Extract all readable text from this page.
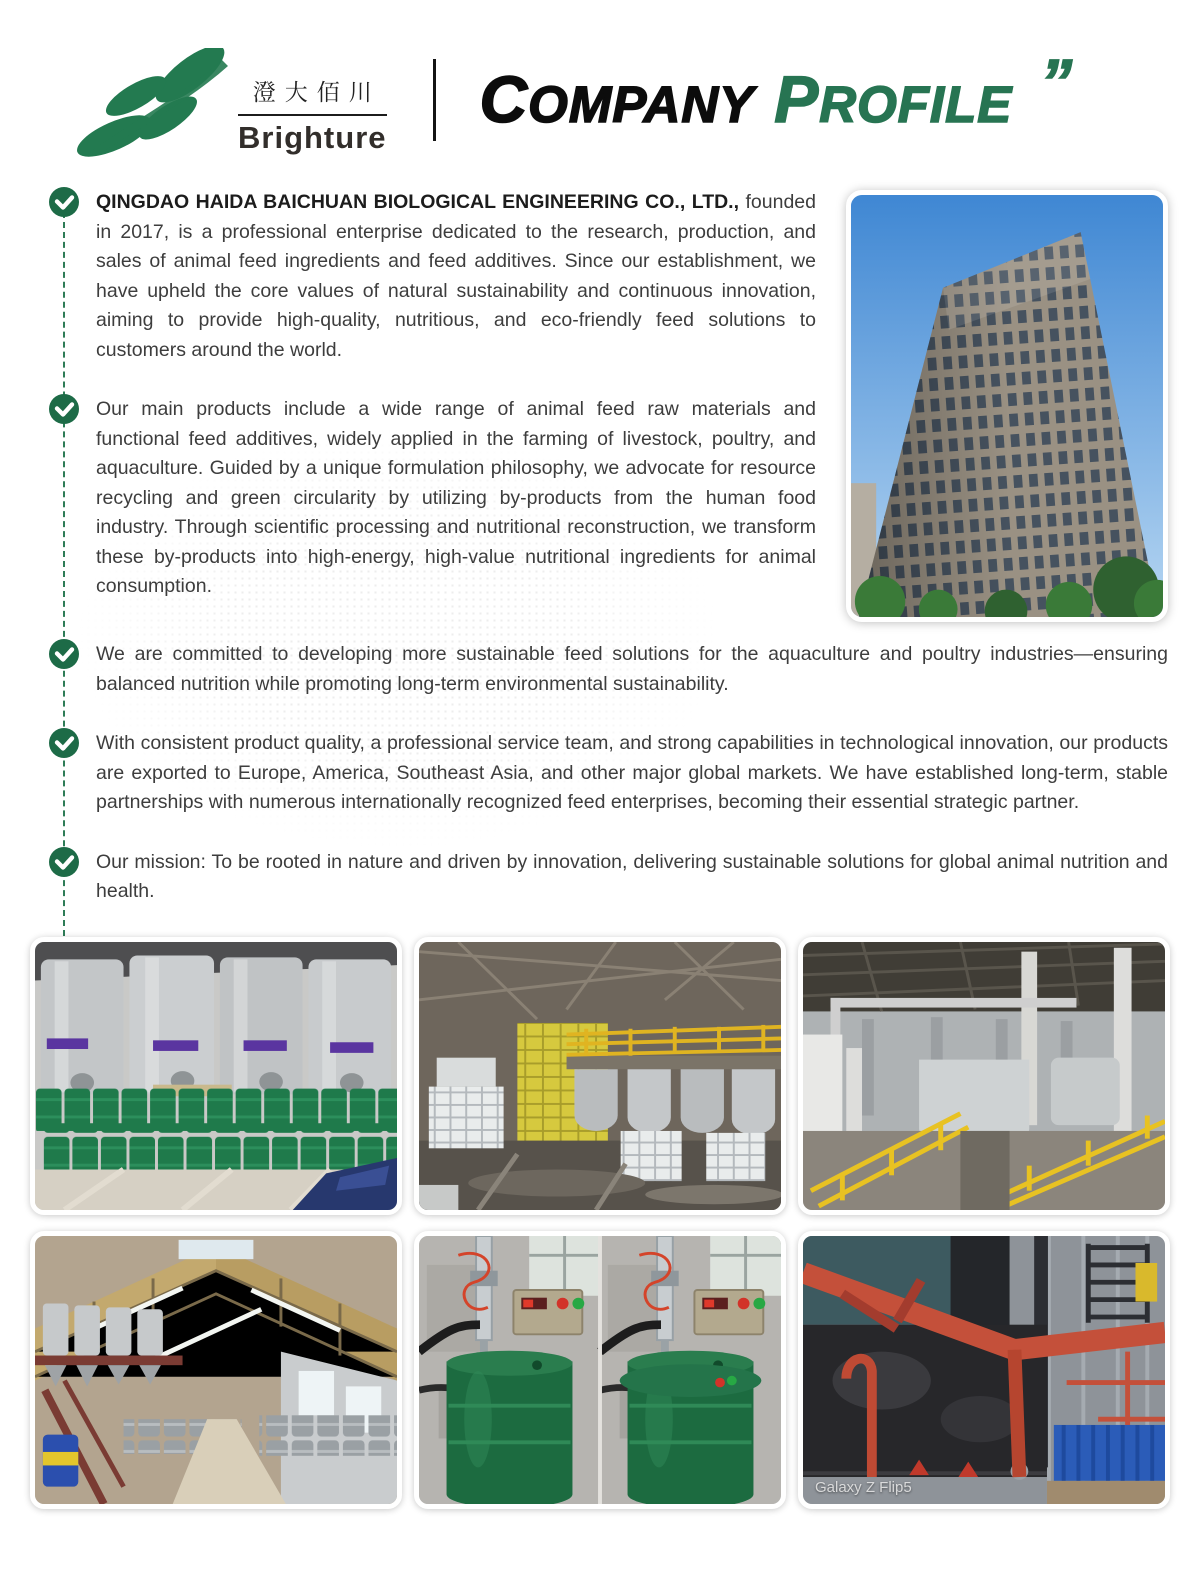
澄大佰川
Brighture
COMPANY PROFILE ”
QINGDAO HAIDA BAICHUAN BIOLOGICAL ENGINEERING CO., LTD., founded in 2017, is a professional enterprise dedicated to the research, production, and sales of animal feed ingredients and feed additives. Since our establishment, we have upheld the core values of natural sustainability and continuous innovation, aiming to provide high-quality, nutritious, and eco-friendly feed solutions to customers around the world.
Our main products include a wide range of animal feed raw materials and functional feed additives, widely applied in the farming of livestock, poultry, and aquaculture. Guided by a unique formulation philosophy, we advocate for resource recycling and green circularity by utilizing by-products from the human food industry. Through scientific processing and nutritional reconstruction, we transform these by-products into high-energy, high-value nutritional ingredients for animal consumption.
We are committed to developing more sustainable feed solutions for the aquaculture and poultry industries—ensuring balanced nutrition while promoting long-term environmental sustainability.
With consistent product quality, a professional service team, and strong capabilities in technological innovation, our products are exported to Europe, America, Southeast Asia, and other major global markets. We have established long-term, stable partnerships with numerous internationally recognized feed enterprises, becoming their essential strategic partner.
Our mission: To be rooted in nature and driven by innovation, delivering sustainable solutions for global animal nutrition and health.
Galaxy Z Flip5
